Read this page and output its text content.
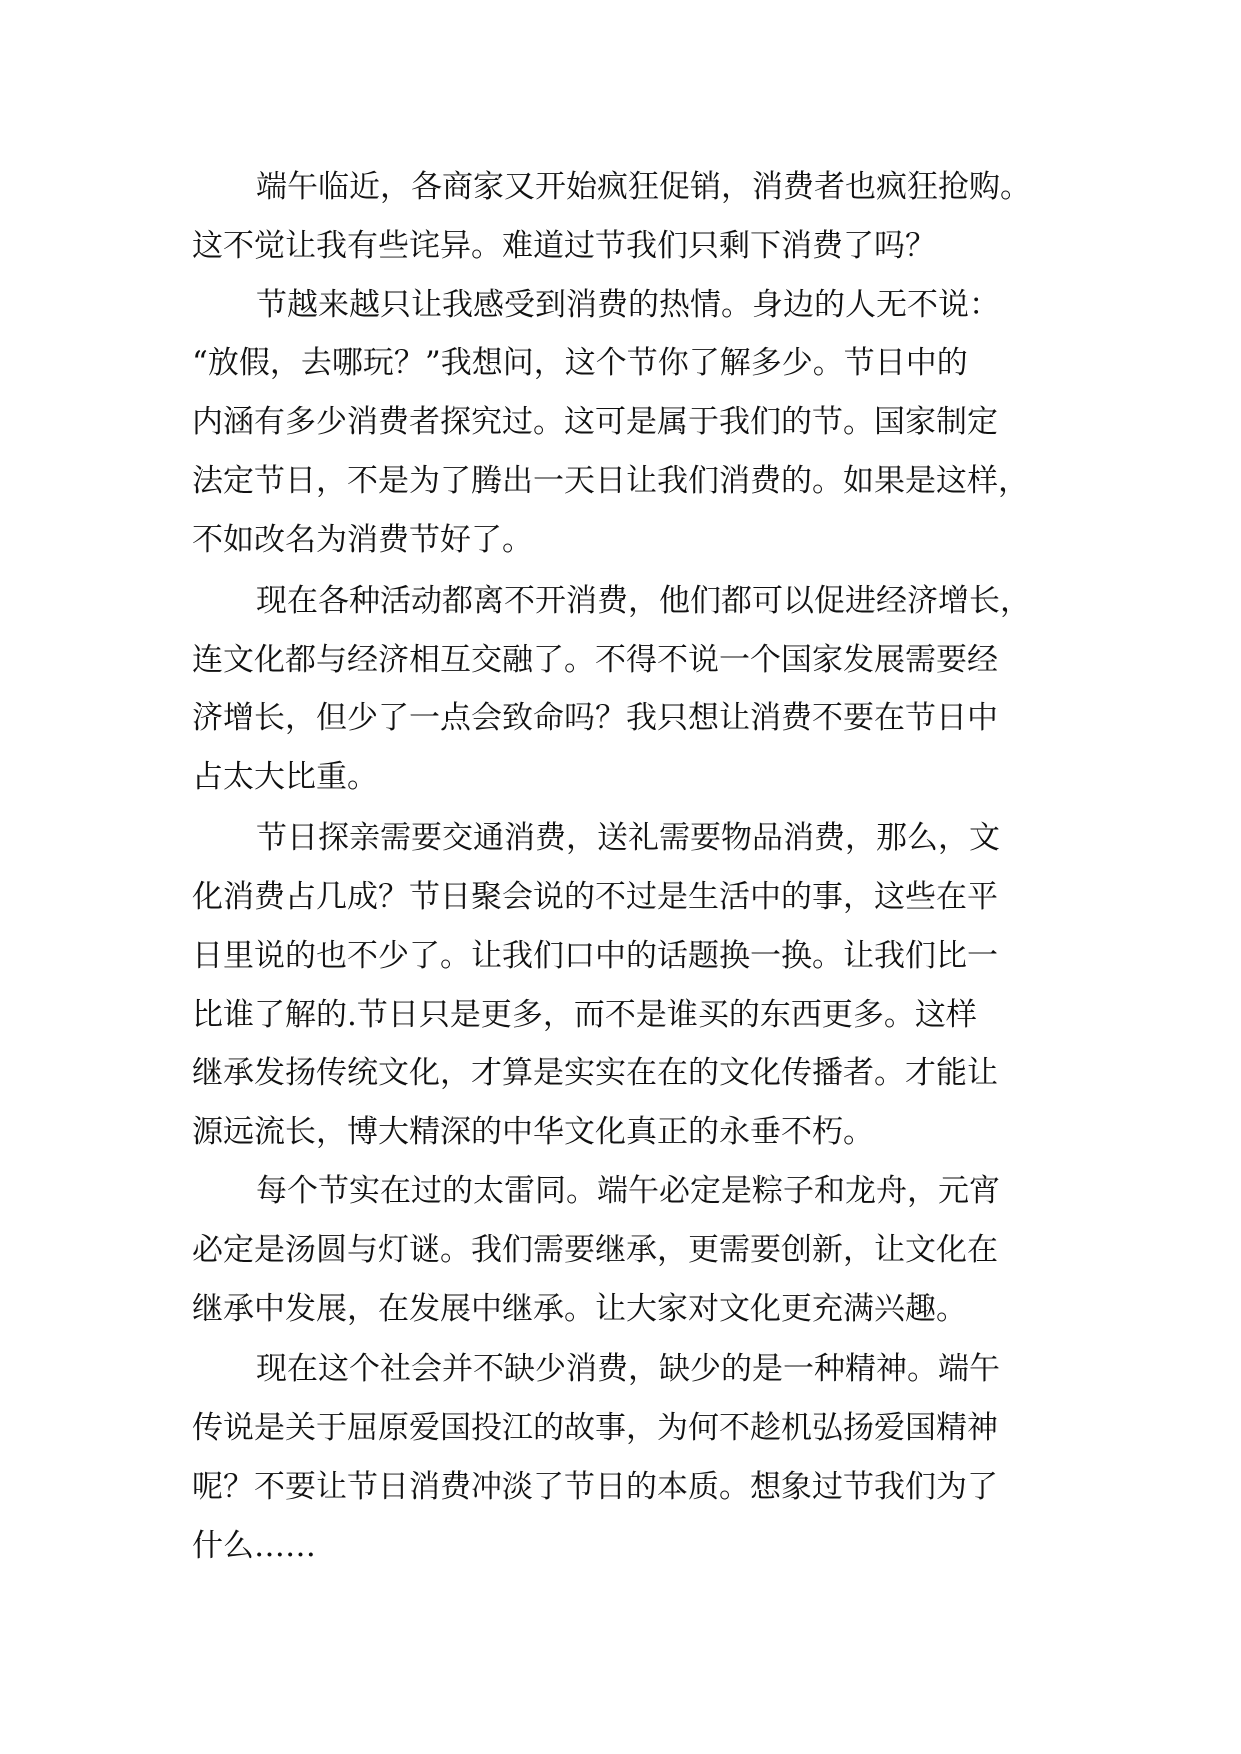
端午临近，各商家又开始疯狂促销，消费者也疯狂抢购。

这不觉让我有些诧异。难道过节我们只剩下消费了吗？

节越来越只让我感受到消费的热情。身边的人无不说：

“放假，去哪玩？”我想问，这个节你了解多少。节日中的

内涵有多少消费者探究过。这可是属于我们的节。国家制定

法定节日，不是为了腾出一天日让我们消费的。如果是这样，

不如改名为消费节好了。

现在各种活动都离不开消费，他们都可以促进经济增长，

连文化都与经济相互交融了。不得不说一个国家发展需要经

济增长，但少了一点会致命吗？我只想让消费不要在节日中

占太大比重。

节日探亲需要交通消费，送礼需要物品消费，那么，文

化消费占几成？节日聚会说的不过是生活中的事，这些在平

日里说的也不少了。让我们口中的话题换一换。让我们比一

比谁了解的.节日只是更多，而不是谁买的东西更多。这样

继承发扬传统文化，才算是实实在在的文化传播者。才能让

源远流长，博大精深的中华文化真正的永垂不朽。

每个节实在过的太雷同。端午必定是粽子和龙舟，元宵

必定是汤圆与灯谜。我们需要继承，更需要创新，让文化在

继承中发展，在发展中继承。让大家对文化更充满兴趣。

现在这个社会并不缺少消费，缺少的是一种精神。端午

传说是关于屈原爱国投江的故事，为何不趁机弘扬爱国精神

呢？不要让节日消费冲淡了节日的本质。想象过节我们为了

什么……
